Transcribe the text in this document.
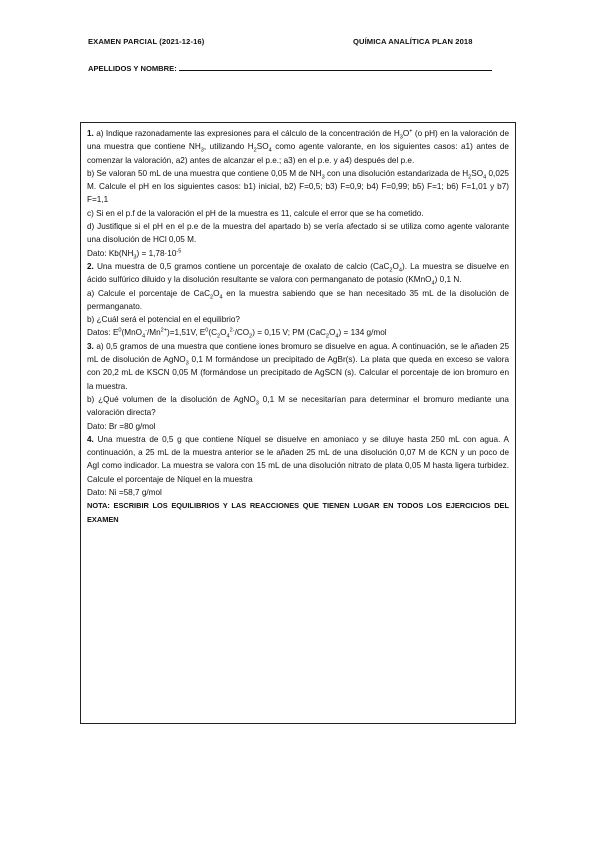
EXAMEN PARCIAL (2021-12-16)	QUÍMICA ANALÍTICA PLAN 2018
APELLIDOS Y NOMBRE:

1. a) Indique razonadamente las expresiones para el cálculo de la concentración de $H_3O^+$ (o pH) en la valoración de una muestra que contiene $NH_3$, utilizando $H_2SO_4$ como agente valorante, en los siguientes casos: a1) antes de comenzar la valoración, a2) antes de alcanzar el p.e.; a3) en el p.e. y a4) después del p.e.

b) Se valoran 50 mL de una muestra que contiene 0,05 M de $NH_3$ con una disolución estandarizada de $H_2SO_4$ 0,025 M. Calcule el pH en los siguientes casos: b1) inicial, b2) F=0,5; b3) F=0,9; b4) F=0,99; b5) F=1; b6) F=1,01 y b7) F=1,1

c) Si en el p.f de la valoración el pH de la muestra es 11, calcule el error que se ha cometido.

d) Justifique si el pH en el p.e de la muestra del apartado b) se vería afectado si se utiliza como agente valorante una disolución de HCl 0,05 M.

Dato: $Kb(NH_3) = 1,78\cdot 10^{-5}$

2. Una muestra de 0,5 gramos contiene un porcentaje de oxalato de calcio $(CaC_2O_4)$. La muestra se disuelve en ácido sulfúrico diluido y la disolución resultante se valora con permanganato de potasio (KMnO$_4$) 0,1 N.

a) Calcule el porcentaje de $CaC_2O_4$ en la muestra sabiendo que se han necesitado 35 mL de la disolución de permanganato.

b) ¿Cuál será el potencial en el equilibrio?

Datos: $E^0(MnO_4^-/Mn^{2+})=1,51V$, $E^0(C_2O_4^{2-}/CO_2) = 0,15$ V; PM $(CaC_2O_4) = 134$ g/mol

3. a) 0,5 gramos de una muestra que contiene iones bromuro se disuelve en agua. A continuación, se le añaden 25 mL de disolución de AgNO$_3$ 0,1 M formándose un precipitado de AgBr(s). La plata que queda en exceso se valora con 20,2 mL de KSCN 0,05 M (formándose un precipitado de AgSCN (s). Calcular el porcentaje de ion bromuro en la muestra.

b) ¿Qué volumen de la disolución de AgNO$_3$ 0,1 M se necesitarían para determinar el bromuro mediante una valoración directa?

Dato: Br =80 g/mol

4. Una muestra de 0,5 g que contiene Níquel se disuelve en amoniaco y se diluye hasta 250 mL con agua. A continuación, a 25 mL de la muestra anterior se le añaden 25 mL de una disolución 0,07 M de KCN y un poco de AgI como indicador. La muestra se valora con 15 mL de una disolución nitrato de plata 0,05 M hasta ligera turbidez. Calcule el porcentaje de Níquel en la muestra

Dato: Ni =58,7 g/mol

NOTA: ESCRIBIR LOS EQUILIBRIOS Y LAS REACCIONES QUE TIENEN LUGAR EN TODOS LOS EJERCICIOS DEL EXAMEN
